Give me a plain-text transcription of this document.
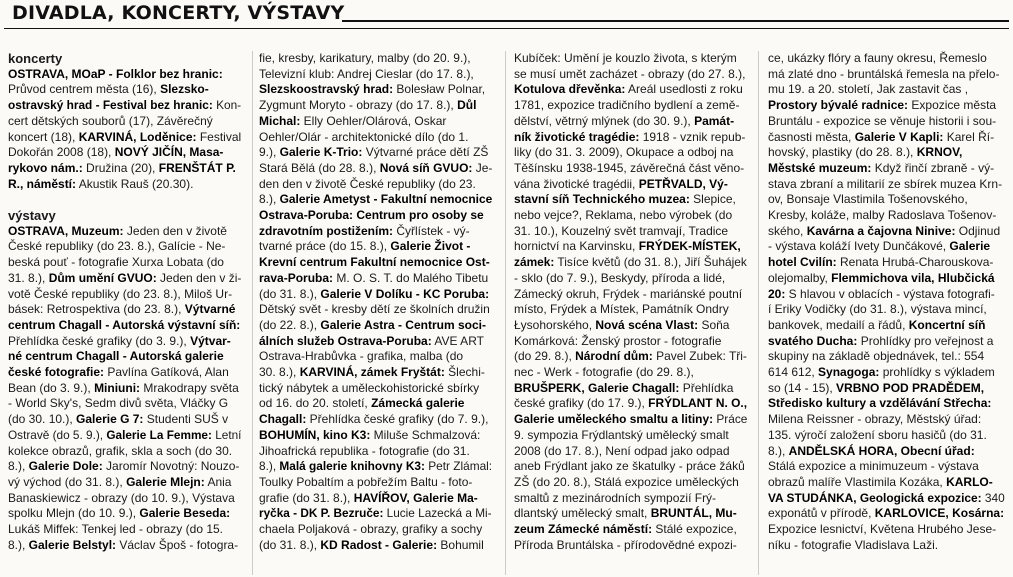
DIVADLA, KONCERTY, VÝSTAVY
koncerty
OSTRAVA, MOaP - Folklor bez hranic:
Průvod centrem města (16), Slezsko-
ostravský hrad - Festival bez hranic: Kon-
cert dětských souborů (17), Závěrečný
koncert (18), KARVINÁ, Loděnice: Festival
Dokořán 2008 (18), NOVÝ JIČÍN, Masa-
rykovo nám.: Družina (20), FRENŠTÁT P.
R., náměstí: Akustik Rauš (20.30).
výstavy
OSTRAVA, Muzeum: Jeden den v životě
České republiky (do 23. 8.), Galície - Ne-
beská pouť - fotografie Xurxa Lobata (do
31. 8.), Dům umění GVUO: Jeden den v ži-
votě České republiky (do 23. 8.), Miloš Ur-
básek: Retrospektiva (do 23. 8.), Výtvarné
centrum Chagall - Autorská výstavní síň:
Přehlídka české grafiky (do 3. 9.), Výtvar-
né centrum Chagall - Autorská galerie
české fotografie: Pavlína Gatíková, Alan
Bean (do 3. 9.), Miniuni: Mrakodrapy světa
- World Sky's, Sedm divů světa, Vláčky G
(do 30. 10.), Galerie G 7: Studenti SUŠ v
Ostravě (do 5. 9.), Galerie La Femme: Letní
kolekce obrazů, grafik, skla a soch (do 30.
8.), Galerie Dole: Jaromír Novotný: Nouzo-
vý východ (do 31. 8.), Galerie Mlejn: Ania
Banaskiewicz - obrazy (do 10. 9.), Výstava
spolku Mlejn (do 10. 9.), Galerie Beseda:
Lukáš Miffek: Tenkej led - obrazy (do 15.
8.), Galerie Belstyl: Václav Špoš - fotogra-
fie, kresby, karikatury, malby (do 20. 9.),
Televizní klub: Andrej Cieslar (do 17. 8.),
Slezskoostravský hrad: Bolesław Polnar,
Zygmunt Moryto - obrazy (do 17. 8.), Důl
Michal: Elly Oehler/Olárová, Oskar
Oehler/Olár - architektonické dílo (do 1.
9.), Galerie K-Trio: Výtvarné práce dětí ZŠ
Stará Bělá (do 28. 8.), Nová síň GVUO: Je-
den den v životě České republiky (do 23.
8.), Galerie Ametyst - Fakultní nemocnice
Ostrava-Poruba: Centrum pro osoby se
zdravotním postižením: Čyřlístek - vý-
tvarné práce (do 15. 8.), Galerie Život -
Krevní centrum Fakultní nemocnice Ost-
rava-Poruba: M. O. S. T. do Malého Tibetu
(do 31. 8.), Galerie V Dolíku - KC Poruba:
Dětský svět - kresby dětí ze školních družin
(do 22. 8.), Galerie Astra - Centrum soci-
álních služeb Ostrava-Poruba: AVE ART
Ostrava-Hrabůvka - grafika, malba (do
30. 8.), KARVINÁ, zámek Fryštát: Šlechi-
tický nábytek a uměleckohistorické sbírky
od 16. do 20. století, Zámecká galerie
Chagall: Přehlídka české grafiky (do 7. 9.),
BOHUMÍN, kino K3: Miluše Schmalzová:
Jihoafrická republika - fotografie (do 31.
8.), Malá galerie knihovny K3: Petr Zlámal:
Toulky Pobaltím a pobřežím Baltu - foto-
grafie (do 31. 8.), HAVÍŘOV, Galerie Ma-
ryčka - DK P. Bezruče: Lucie Lazecká a Mi-
chaela Poljaková - obrazy, grafiky a sochy
(do 31. 8.), KD Radost - Galerie: Bohumil
Kubíček: Umění je kouzlo života, s kterým
se musí umět zacházet - obrazy (do 27. 8.),
Kotulova dřevěnka: Areál usedlosti z roku
1781, expozice tradičního bydlení a země-
dělství, větrný mlýnek (do 30. 9.), Památ-
ník životické tragédie: 1918 - vznik repub-
liky (do 31. 3. 2009), Okupace a odboj na
Těšínsku 1938-1945, závěrečná část věno-
vána životické tragédii, PETŘVALD, Vý-
stavní síň Technického muzea: Slepice,
nebo vejce?, Reklama, nebo výrobek (do
31. 10.), Kouzelný svět tramvají, Tradice
hornictví na Karvinsku, FRÝDEK-MÍSTEK,
zámek: Tisíce květů (do 31. 8.), Jiří Šuhájek
- sklo (do 7. 9.), Beskydy, příroda a lidé,
Zámecký okruh, Frýdek - mariánské poutní
místo, Frýdek a Místek, Památník Ondry
Łysohorského, Nová scéna Vlast: Soňa
Komárková: Ženský prostor - fotografie
(do 29. 8.), Národní dům: Pavel Zubek: Tři-
nec - Werk - fotografie (do 29. 8.),
BRUŠPERK, Galerie Chagall: Přehlídka
české grafiky (do 17. 9.), FRÝDLANT N. O.,
Galerie uměleckého smaltu a litiny: Práce
9. sympozia Frýdlantský umělecký smalt
2008 (do 17. 8.), Není odpad jako odpad
aneb Frýdlant jako ze škatulky - práce žáků
ZŠ (do 20. 8.), Stálá expozice uměleckých
smaltů z mezinárodních sympozií Frý-
dlantský umělecký smalt, BRUNTÁL, Mu-
zeum Zámecké náměstí: Stálé expozice,
Příroda Bruntálska - přírodovědné expozi-
ce, ukázky flóry a fauny okresu, Řemeslo
má zlaté dno - bruntálská řemesla na přelo-
mu 19. a 20. století, Jak zastavit čas ,
Prostory bývalé radnice: Expozice města
Bruntálu - expozice se věnuje historii i sou-
časnosti města, Galerie V Kapli: Karel Ří-
hovský, plastiky (do 28. 8.), KRNOV,
Městské muzeum: Když řinčí zbraně - vý-
stava zbraní a militarií ze sbírek muzea Krn-
ov, Bonsaje Vlastimila Tošenovského,
Kresby, koláže, malby Radoslava Tošenov-
ského, Kavárna a čajovna Ninive: Odjinud
- výstava koláží Ivety Dunčákové, Galerie
hotel Cvilín: Renata Hrubá-Charouskova-
olejomalby, Flemmichova vila, Hlubčická
20: S hlavou v oblacích - výstava fotografi-
í Eriky Vodičky (do 31. 8.), výstava mincí,
bankovek, medailí a řádů, Koncertní síň
svatého Ducha: Prohlídky pro veřejnost a
skupiny na základě objednávek, tel.: 554
614 612, Synagoga: prohlídky s výkladem
so (14 - 15), VRBNO POD PRADĚDEM,
Středisko kultury a vzdělávání Střecha:
Milena Reissner - obrazy, Městský úřad:
135. výročí založení sboru hasičů (do 31.
8.), ANDĚLSKÁ HORA, Obecní úřad:
Stálá expozice a minimuzeum - výstava
obrazů malíře Vlastimila Kozáka, KARLO-
VA STUDÁNKA, Geologická expozice: 340
exponátů v přírodě, KARLOVICE, Kosárna:
Expozice lesnictví, Květena Hrubého Jese-
níku - fotografie Vladislava Laži.
